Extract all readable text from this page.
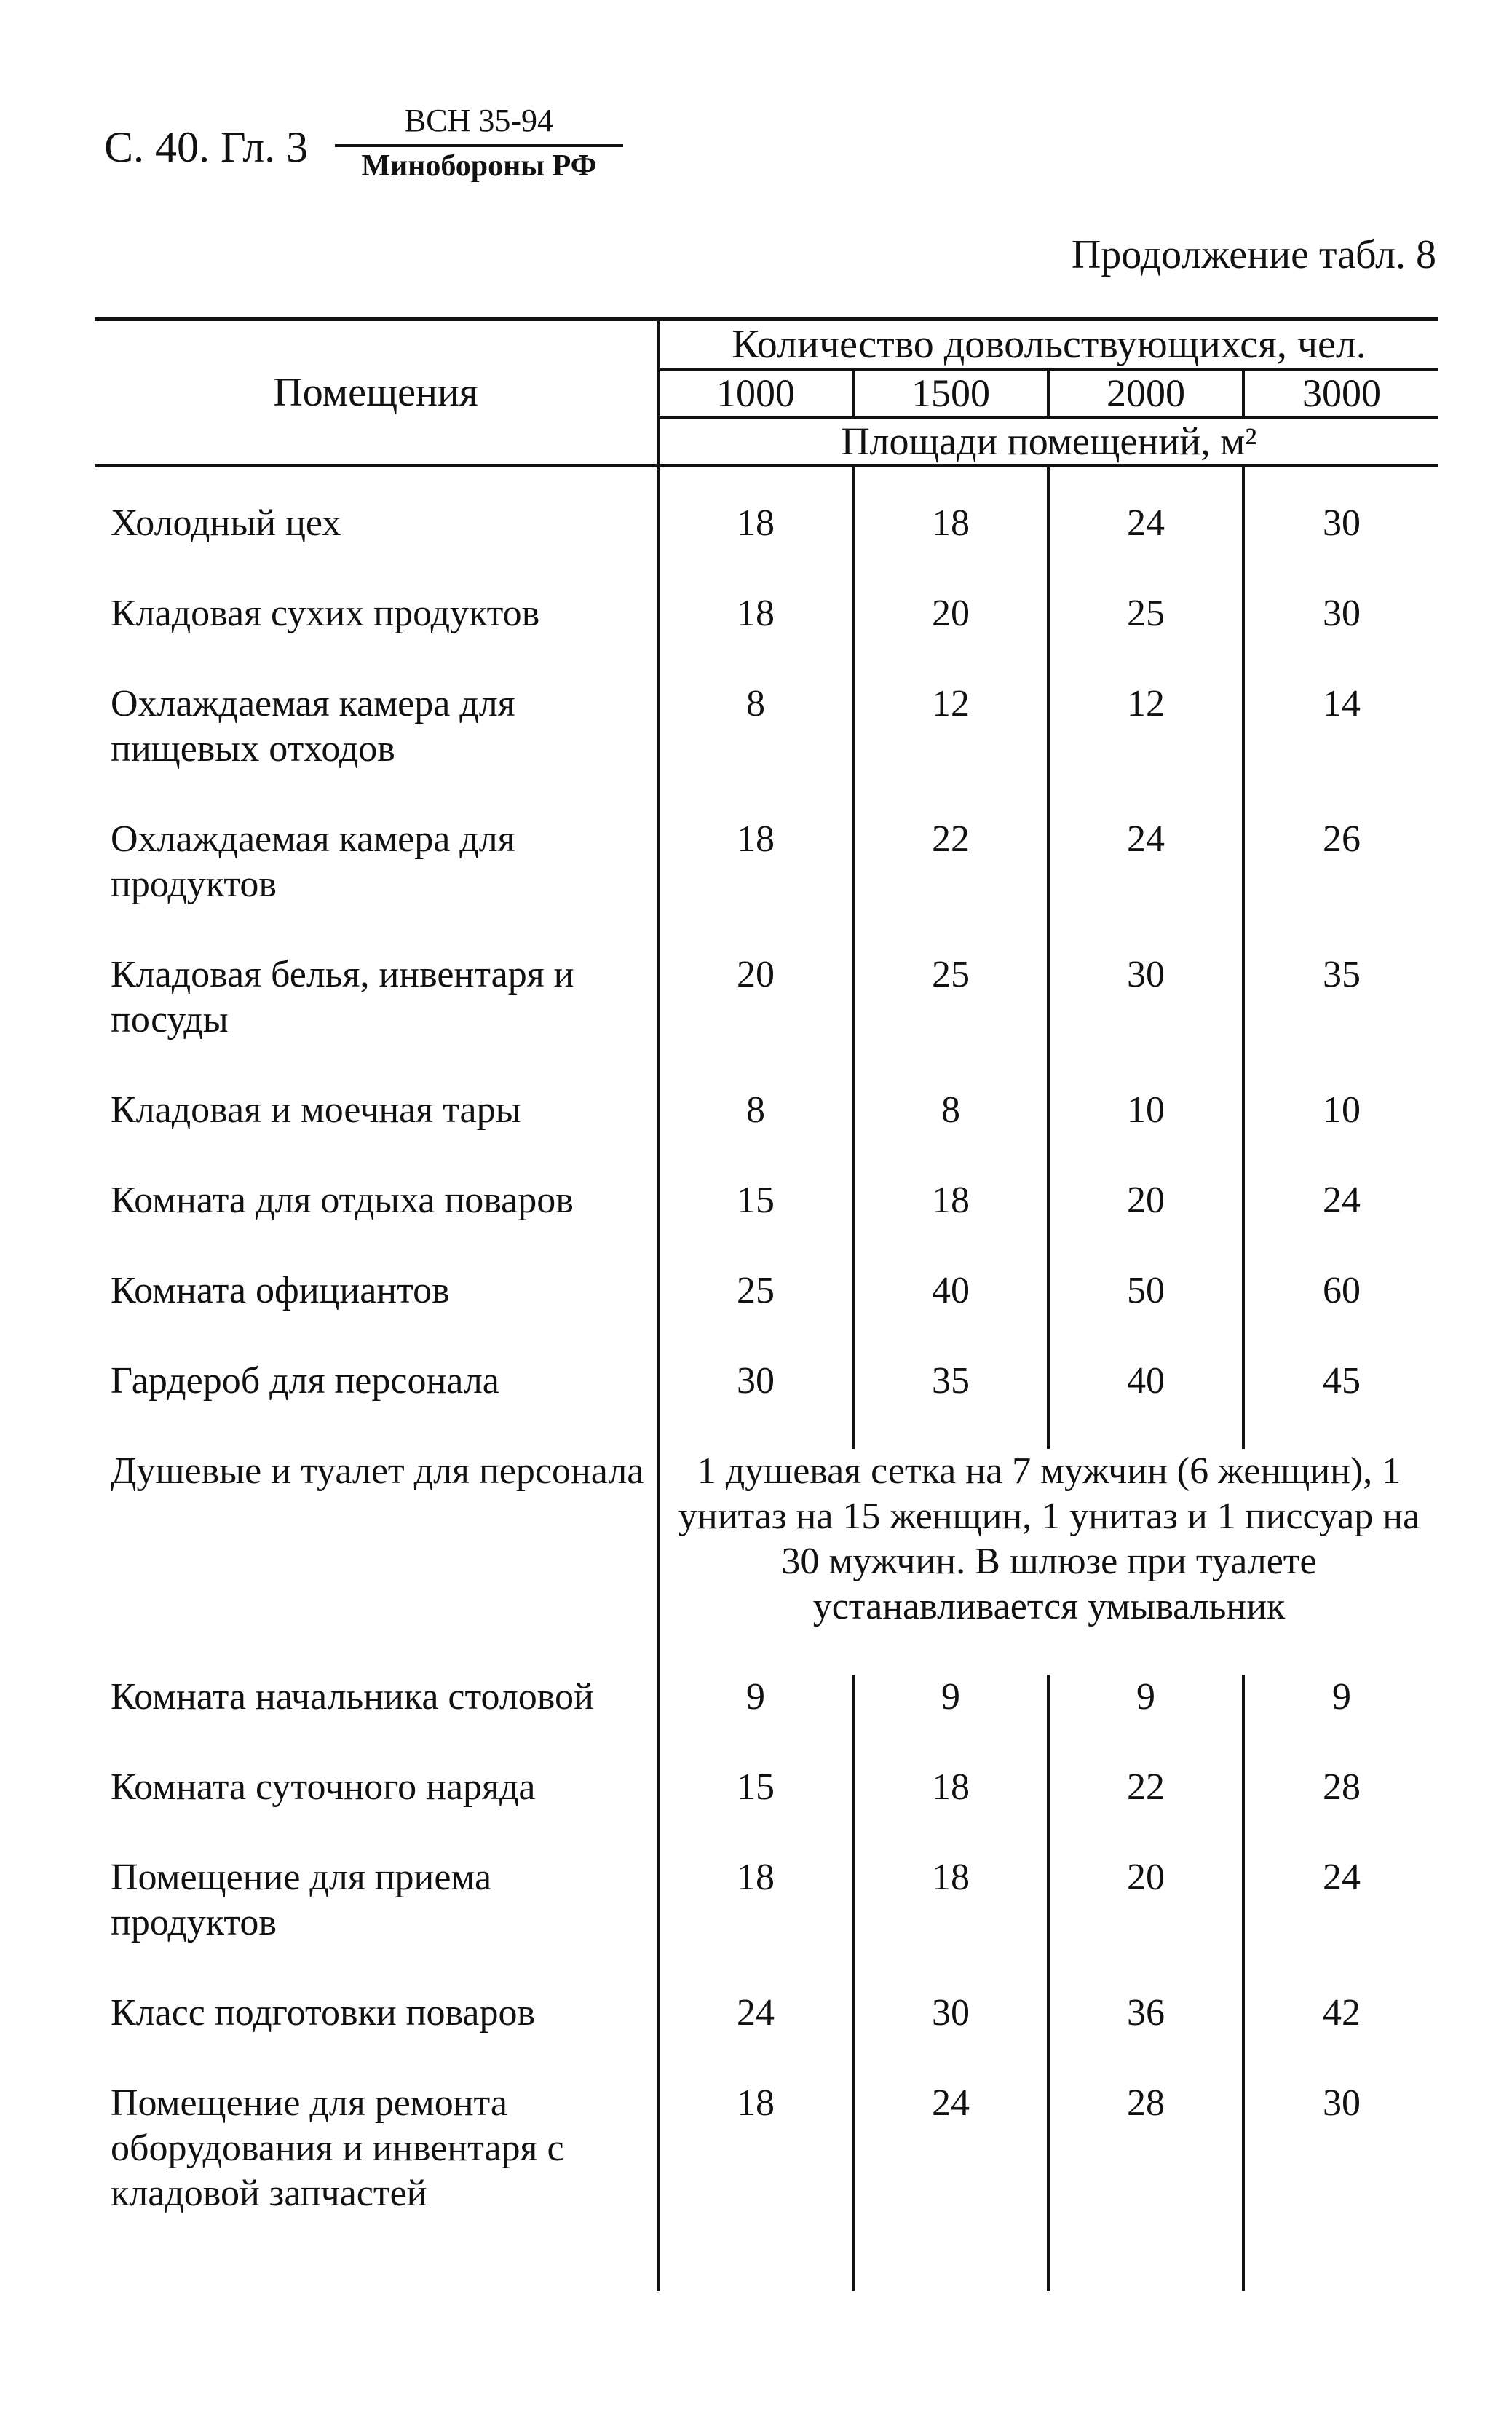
С. 40. Гл. 3
ВСН 35-94
Минобороны РФ
Продолжение табл. 8
Помещения	Количество довольствующихся, чел.			
	1000	1500	2000	3000
	Площади помещений, м²			

Холодный цех	18	18	24	30
Кладовая сухих продуктов	18	20	25	30
Охлаждаемая камера для пищевых отходов	8	12	12	14
Охлаждаемая камера для продуктов	18	22	24	26
Кладовая белья, инвентаря и посуды	20	25	30	35
Кладовая и моечная тары	8	8	10	10
Комната для отдыха поваров	15	18	20	24
Комната официантов	25	40	50	60
Гардероб для персонала	30	35	40	45
Душевые и туалет для персонала	1 душевая сетка на 7 мужчин (6 женщин), 1 унитаз на 15 женщин, 1 унитаз и 1 писсуар на 30 мужчин. В шлюзе при туалете устанавливается умывальник			
Комната начальника столовой	9	9	9	9
Комната суточного наряда	15	18	22	28
Помещение для приема продуктов	18	18	20	24
Класс подготовки поваров	24	30	36	42
Помещение для ремонта оборудования и инвентаря с кладовой запчастей	18	24	28	30
